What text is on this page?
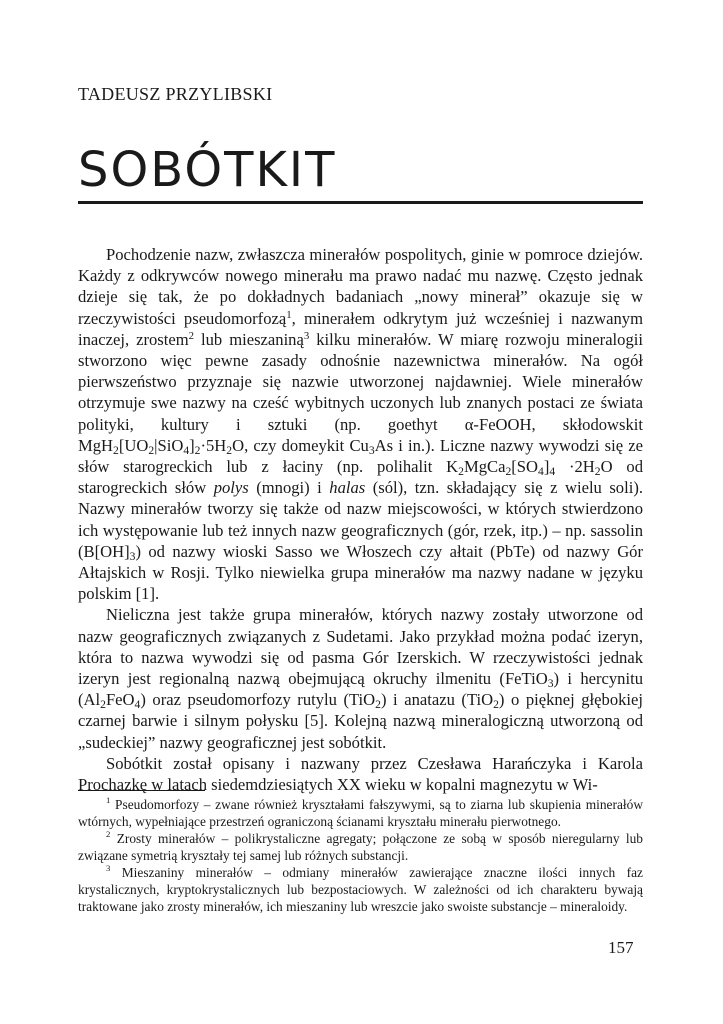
TADEUSZ PRZYLIBSKI
SOBÓTKIT

Pochodzenie nazw, zwłaszcza minerałów pospolitych, ginie w pomroce dziejów. Każdy z odkrywców nowego minerału ma prawo nadać mu nazwę. Często jednak dzieje się tak, że po dokładnych badaniach „nowy minerał” okazuje się w rzeczywistości pseudomorfozą$^1$, minerałem odkrytym już wcześniej i nazwanym inaczej, zrostem$^2$ lub mieszaniną$^3$ kilku minerałów. W miarę rozwoju mineralogii stworzono więc pewne zasady odnośnie nazewnictwa minerałów. Na ogół pierwszeństwo przyznaje się nazwie utworzonej najdawniej. Wiele minerałów otrzymuje swe nazwy na cześć wybitnych uczonych lub znanych postaci ze świata polityki, kultury i sztuki (np. goethyt α-FeOOH, skłodowskit $MgH_2[UO_2|SiO_4]_2\cdot 5H_2O$, czy domeykit $Cu_3As$ i in.). Liczne nazwy wywodzi się ze słów starogreckich lub z łaciny (np. polihalit $K_2MgCa_2[SO_4]_4 \cdot 2H_2O$ od starogreckich słów polys (mnogi) i halas (sól), tzn. składający się z wielu soli). Nazwy minerałów tworzy się także od nazw miejscowości, w których stwierdzono ich występowanie lub też innych nazw geograficznych (gór, rzek, itp.) – np. sassolin $(B[OH]_3)$ od nazwy wioski Sasso we Włoszech czy ałtait (PbTe) od nazwy Gór Ałtajskich w Rosji. Tylko niewielka grupa minerałów ma nazwy nadane w języku polskim [1].

Nieliczna jest także grupa minerałów, których nazwy zostały utworzone od nazw geograficznych związanych z Sudetami. Jako przykład można podać izeryn, która to nazwa wywodzi się od pasma Gór Izerskich. W rzeczywistości jednak izeryn jest regionalną nazwą obejmującą okruchy ilmenitu (FeTiO$_3$) i hercynitu $(Al_2FeO_4)$ oraz pseudomorfozy rutylu (TiO$_2$) i anatazu (TiO$_2$) o pięknej głębokiej czarnej barwie i silnym połysku [5]. Kolejną nazwą mineralogiczną utworzoną od „sudeckiej” nazwy geograficznej jest sobótkit.

Sobótkit został opisany i nazwany przez Czesława Harańczyka i Karola Prochazkę w latach siedemdziesiątych XX wieku w kopalni magnezytu w Wi-

$^1$ Pseudomorfozy – zwane również kryształami fałszywymi, są to ziarna lub skupienia minerałów wtórnych, wypełniające przestrzeń ograniczoną ścianami kryształu minerału pierwotnego.

$^2$ Zrosty minerałów – polikrystaliczne agregaty; połączone ze sobą w sposób nieregularny lub związane symetrią kryształy tej samej lub różnych substancji.

$^3$ Mieszaniny minerałów – odmiany minerałów zawierające znaczne ilości innych faz krystalicznych, kryptokrystalicznych lub bezpostaciowych. W zależności od ich charakteru bywają traktowane jako zrosty minerałów, ich mieszaniny lub wreszcie jako swoiste substancje – mineraloidy.

157
